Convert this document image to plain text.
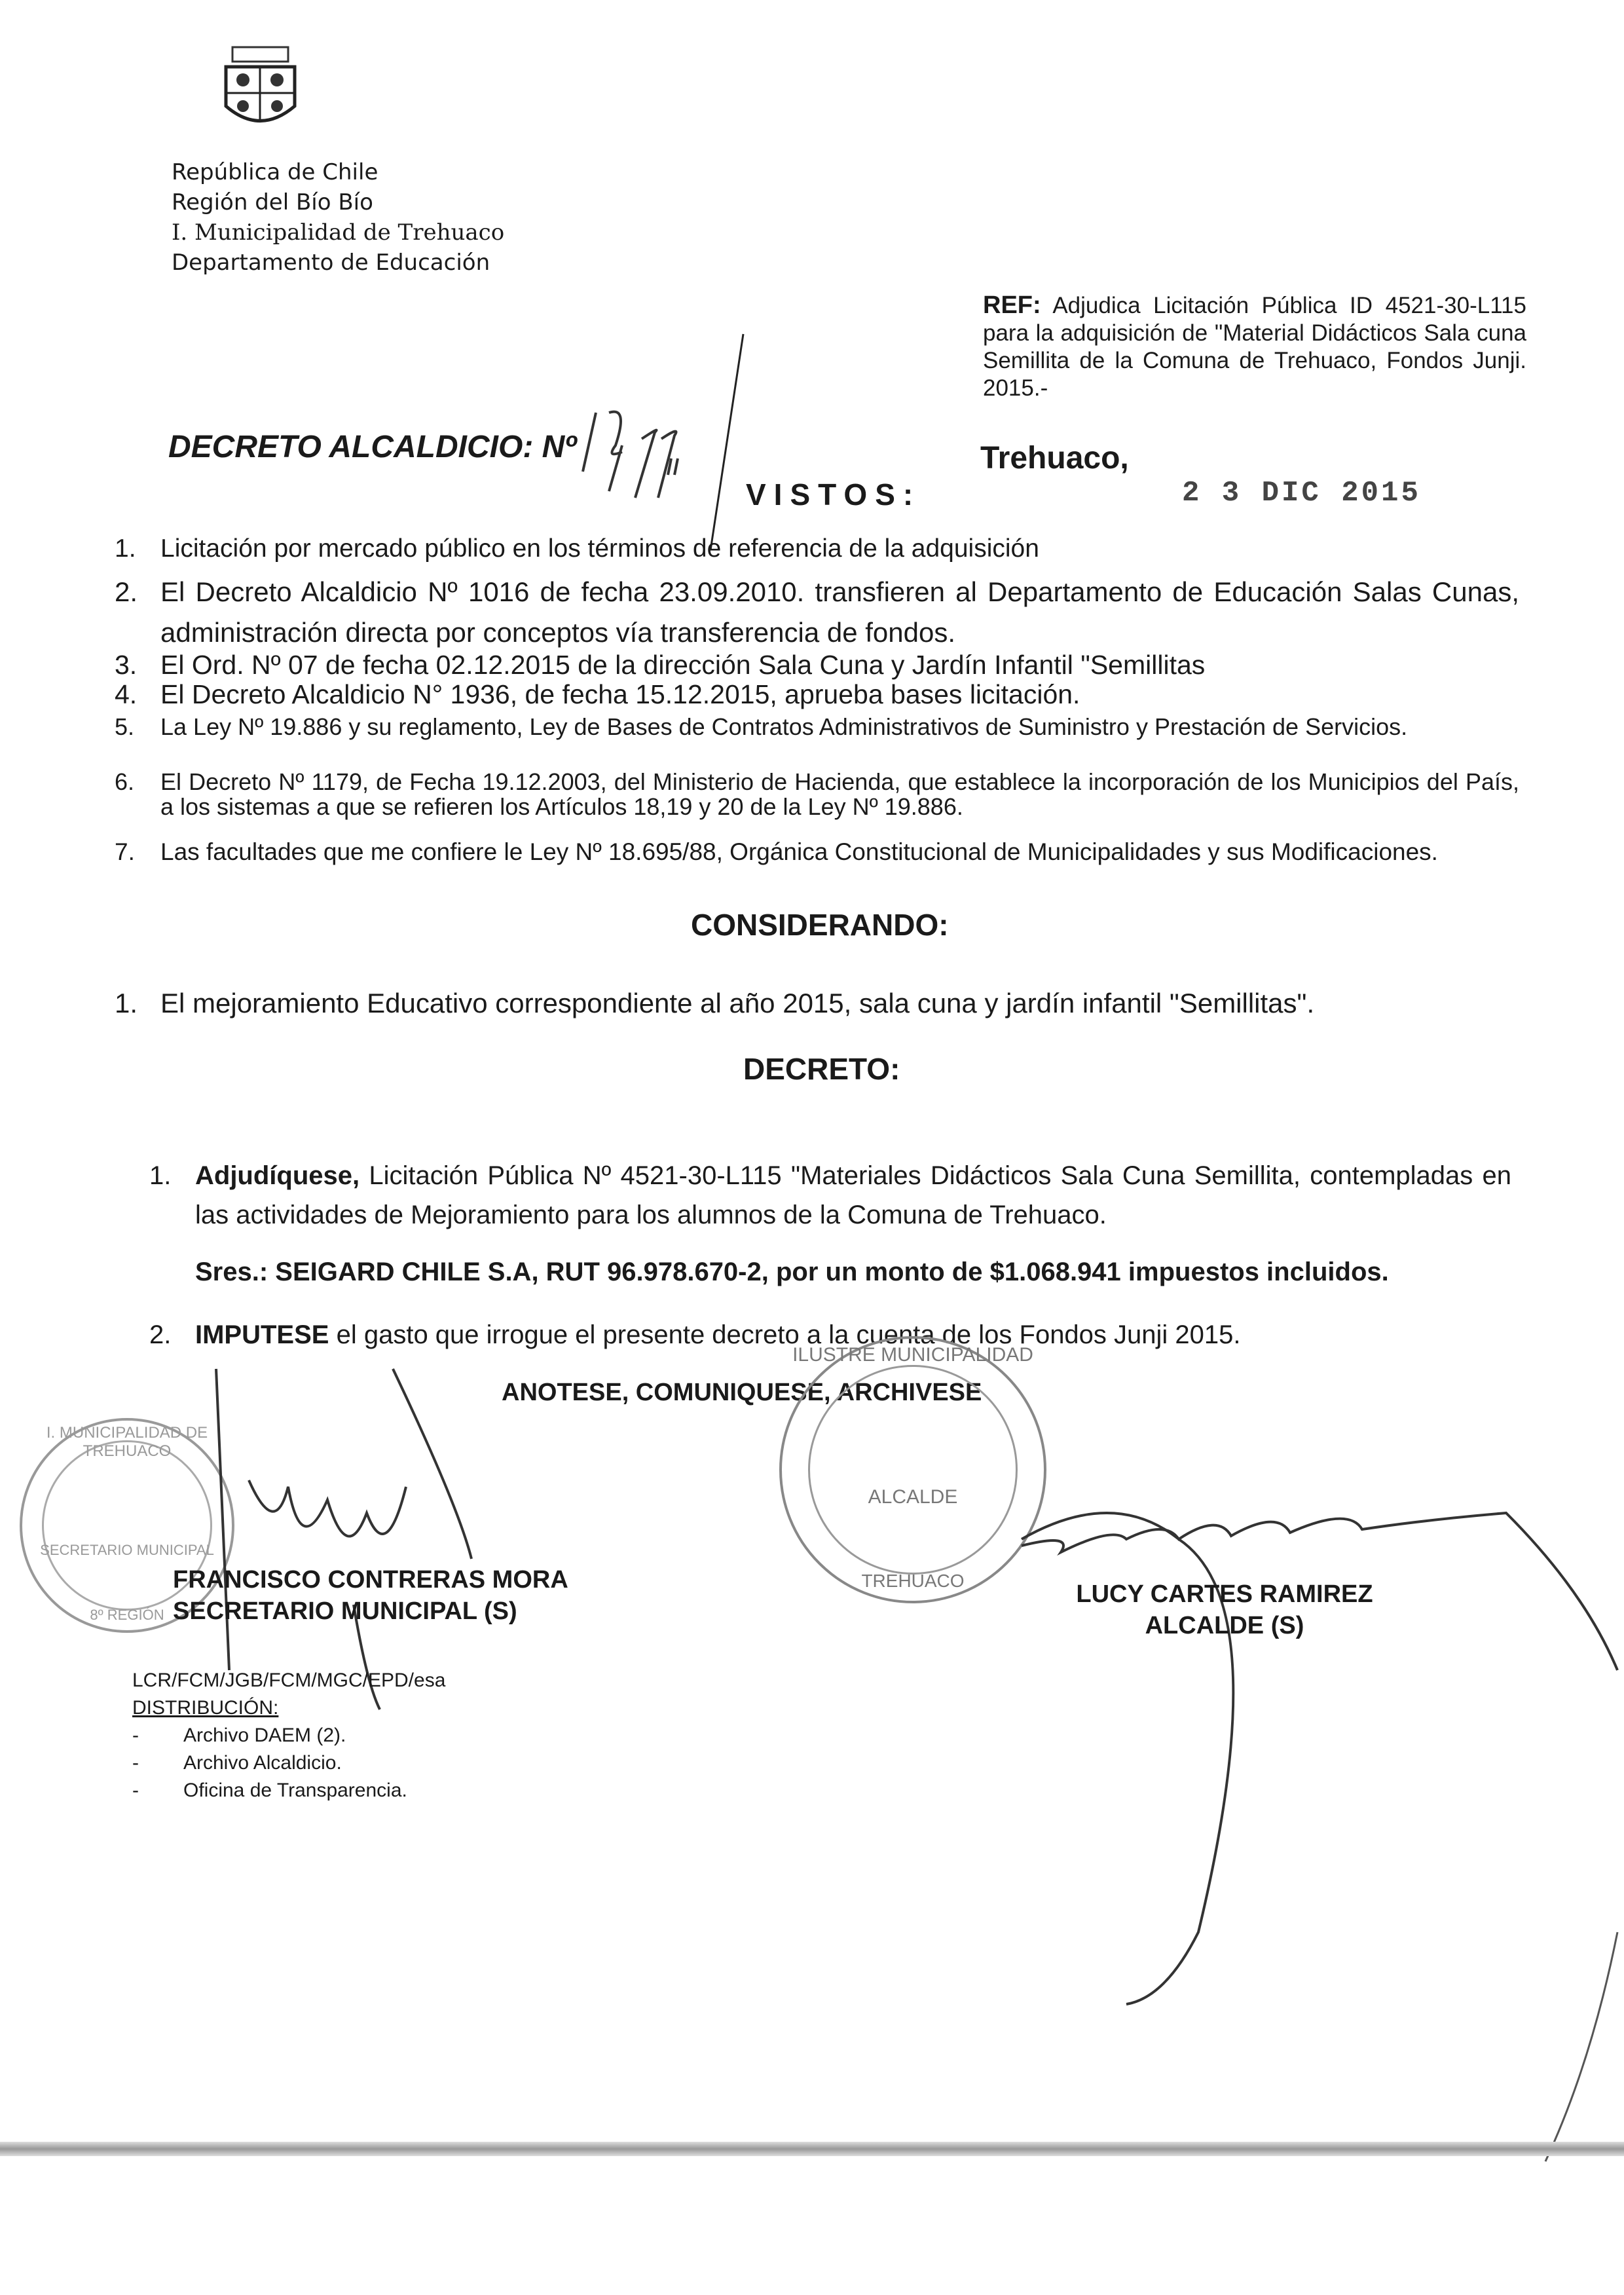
República de Chile
Región del Bío Bío
I. Municipalidad de Trehuaco
Departamento de Educación
REF: Adjudica Licitación Pública ID 4521-30-L115 para la adquisición de "Material Didácticos Sala cuna Semillita de la Comuna de Trehuaco, Fondos Junji. 2015.-
DECRETO ALCALDICIO: Nº	Trehuaco,
VISTOS:	2 3 DIC 2015
1. Licitación por mercado público en los términos de referencia de la adquisición
2. El Decreto Alcaldicio Nº 1016 de fecha 23.09.2010. transfieren al Departamento de Educación Salas Cunas, administración directa por conceptos vía transferencia de fondos.
3. El Ord. Nº 07 de fecha 02.12.2015 de la dirección Sala Cuna y Jardín Infantil "Semillitas
4. El Decreto Alcaldicio N° 1936, de fecha 15.12.2015, aprueba bases licitación.
5. La Ley Nº 19.886 y su reglamento, Ley de Bases de Contratos Administrativos de Suministro y Prestación de Servicios.
6. El Decreto Nº 1179, de Fecha 19.12.2003, del Ministerio de Hacienda, que establece la incorporación de los Municipios del País, a los sistemas a que se refieren los Artículos 18,19 y 20 de la Ley Nº 19.886.
7. Las facultades que me confiere le Ley Nº 18.695/88, Orgánica Constitucional de Municipalidades y sus Modificaciones.
CONSIDERANDO:
1. El mejoramiento Educativo correspondiente al año 2015, sala cuna y jardín infantil "Semillitas".
DECRETO:
1. Adjudíquese, Licitación Pública Nº 4521-30-L115 "Materiales Didácticos Sala Cuna Semillita, contempladas en las actividades de Mejoramiento para los alumnos de la Comuna de Trehuaco.
Sres.: SEIGARD CHILE S.A, RUT 96.978.670-2, por un monto de $1.068.941 impuestos incluidos.
2. IMPUTESE el gasto que irrogue el presente decreto a la cuenta de los Fondos Junji 2015.
ANOTESE, COMUNIQUESE, ARCHIVESE
I. MUNICIPALIDAD DE TREHUACO
SECRETARIO MUNICIPAL
8º REGIÓN
ILUSTRE MUNICIPALIDAD
ALCALDE
TREHUACO
FRANCISCO CONTRERAS MORA
SECRETARIO MUNICIPAL (S)
LUCY CARTES RAMIREZ
ALCALDE (S)
LCR/FCM/JGB/FCM/MGC/EPD/esa
DISTRIBUCIÓN:
- Archivo DAEM (2).
- Archivo Alcaldicio.
- Oficina de Transparencia.
